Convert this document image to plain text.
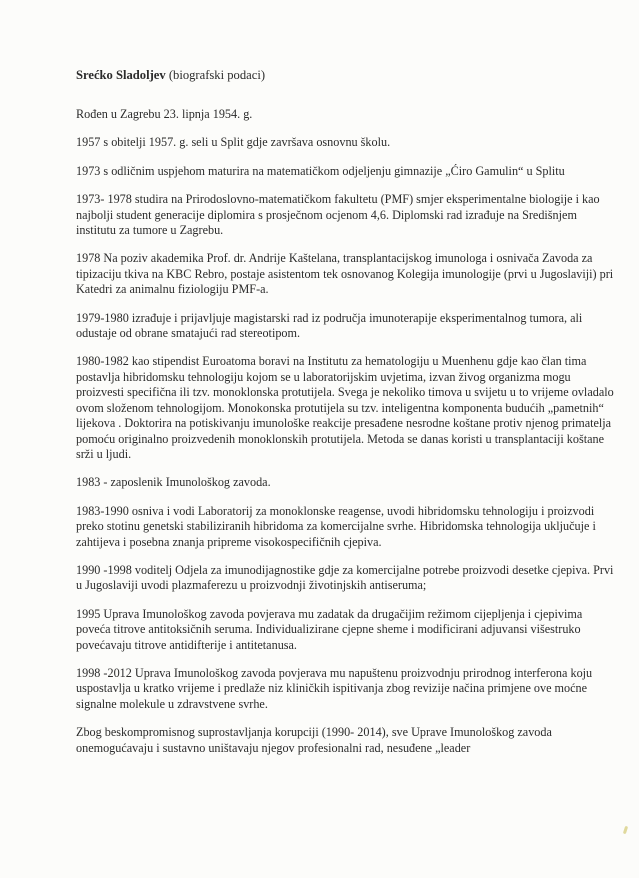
Srećko Sladoljev (biografski podaci)

Rođen u Zagrebu 23. lipnja 1954. g.

1957 s obitelji 1957. g. seli u Split gdje završava osnovnu školu.

1973 s odličnim uspjehom maturira na matematičkom odjeljenju gimnazije „Ćiro Gamulin“ u Splitu

1973- 1978 studira na Prirodoslovno-matematičkom fakultetu (PMF) smjer eksperimentalne biologije i kao najbolji student generacije diplomira s prosječnom ocjenom 4,6. Diplomski rad izrađuje na Središnjem institutu za tumore u Zagrebu.

1978 Na poziv akademika Prof. dr. Andrije Kaštelana, transplantacijskog imunologa i osnivača Zavoda za tipizaciju tkiva na KBC Rebro, postaje asistentom tek osnovanog Kolegija imunologije (prvi u Jugoslaviji) pri Katedri za animalnu fiziologiju PMF-a.

1979-1980 izrađuje i prijavljuje magistarski rad iz područja imunoterapije eksperimentalnog tumora, ali odustaje od obrane smatajući rad stereotipom.

1980-1982 kao stipendist Euroatoma boravi na Institutu za hematologiju u Muenhenu gdje kao član tima postavlja hibridomsku tehnologiju kojom se u laboratorijskim uvjetima, izvan živog organizma mogu proizvesti specifična ili tzv. monoklonska protutijela. Svega je nekoliko timova u svijetu u to vrijeme ovladalo ovom složenom tehnologijom. Monokonska protutijela su tzv. inteligentna komponenta budućih „pametnih“ lijekova . Doktorira na potiskivanju imunološke reakcije presađene nesrodne koštane protiv njenog primatelja pomoću originalno proizvedenih monoklonskih protutijela. Metoda se danas koristi u transplantaciji koštane srži u ljudi.

1983 - zaposlenik Imunološkog zavoda.

1983-1990 osniva i vodi Laboratorij za monoklonske reagense, uvodi hibridomsku tehnologiju i proizvodi preko stotinu genetski stabiliziranih hibridoma za komercijalne svrhe. Hibridomska tehnologija uključuje i zahtijeva i posebna znanja pripreme visokospecifičnih cjepiva.

1990 -1998 voditelj Odjela za imunodijagnostike gdje za komercijalne potrebe proizvodi desetke cjepiva. Prvi u Jugoslaviji uvodi plazmaferezu u proizvodnji životinjskih antiseruma;

1995 Uprava Imunološkog zavoda povjerava mu zadatak da drugačijim režimom cijepljenja i cjepivima poveća titrove antitoksičnih seruma. Individualizirane cjepne sheme i modificirani adjuvansi višestruko povećavaju titrove antidifterije i antitetanusa.

1998 -2012 Uprava Imunološkog zavoda povjerava mu napuštenu proizvodnju prirodnog interferona koju uspostavlja u kratko vrijeme i predlaže niz kliničkih ispitivanja zbog revizije načina primjene ove moćne signalne molekule u zdravstvene svrhe.

Zbog beskompromisnog suprostavljanja korupciji (1990- 2014), sve Uprave Imunološkog zavoda onemogućavaju i sustavno uništavaju njegov profesionalni rad, nesuđene „leader
